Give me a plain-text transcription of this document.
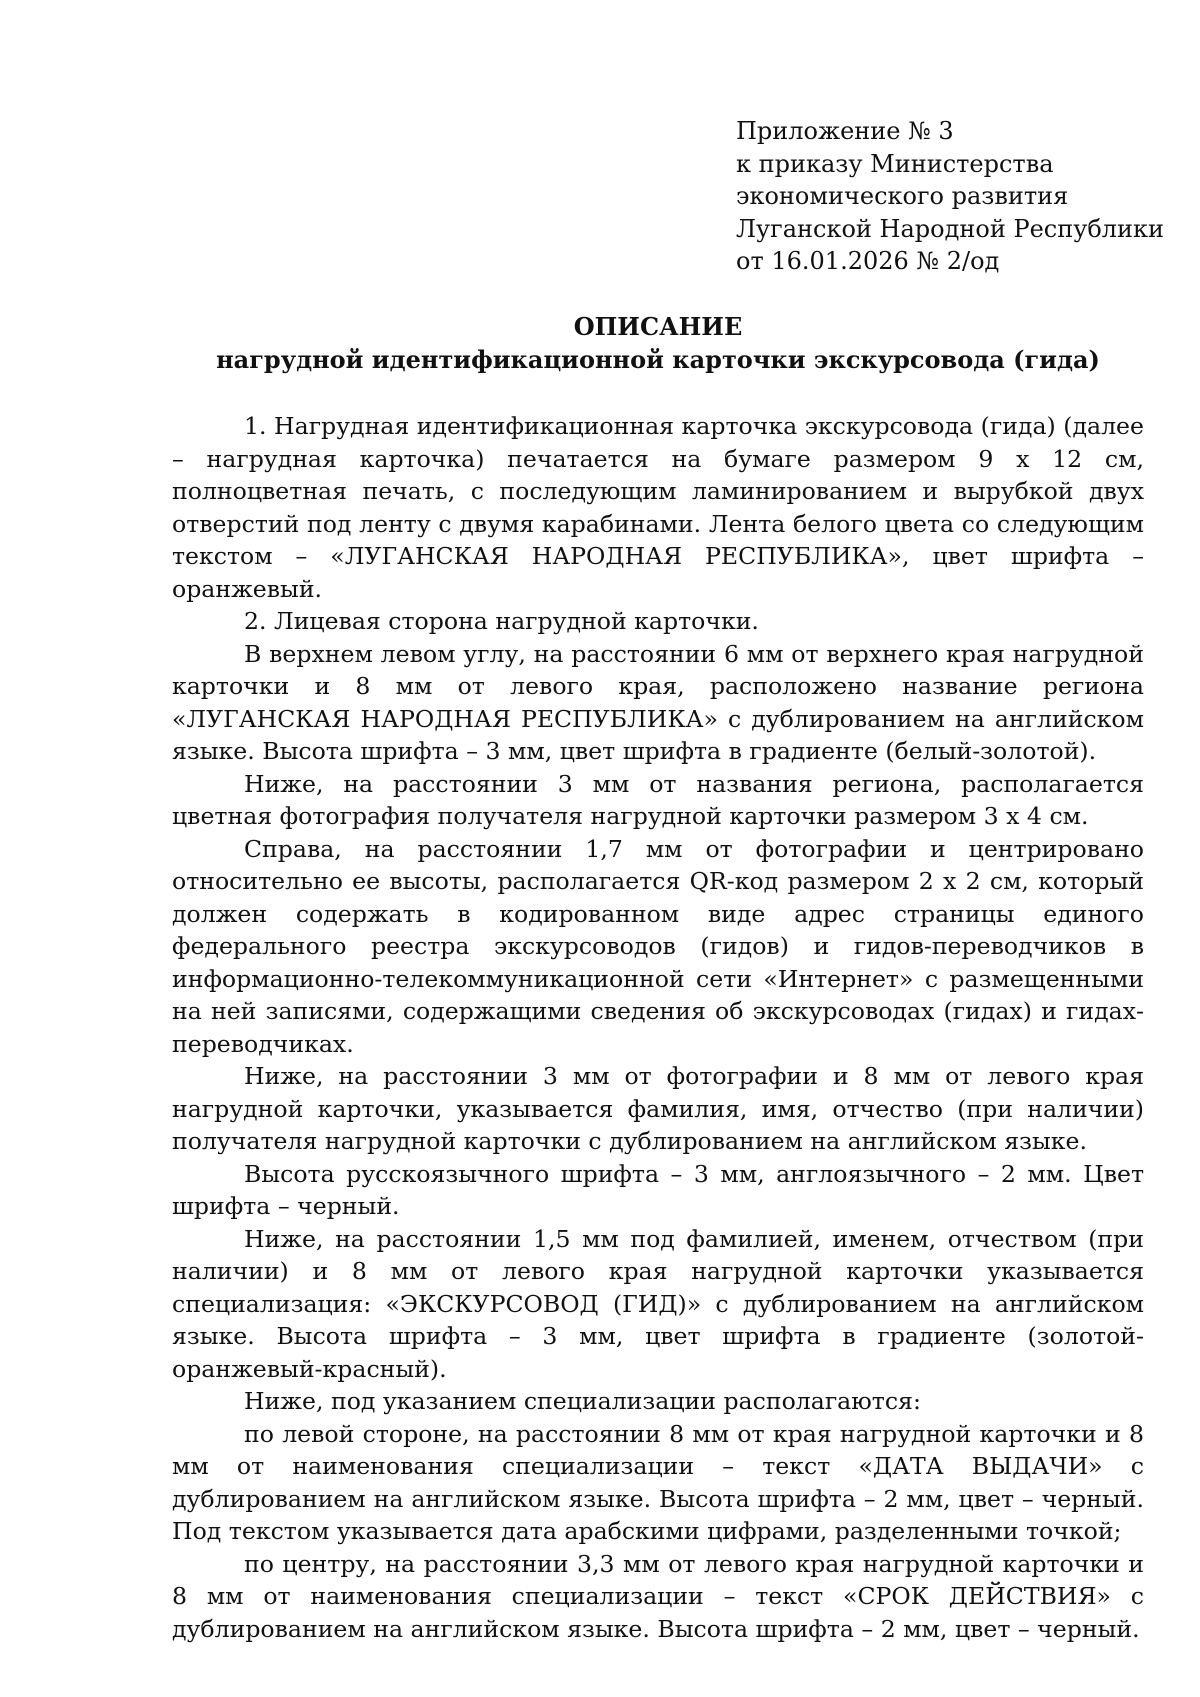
Приложение № 3
к приказу Министерства
экономического развития
Луганской Народной Республики
от 16.01.2026 № 2/од
ОПИСАНИЕ
нагрудной идентификационной карточки экскурсовода (гида)

1. Нагрудная идентификационная карточка экскурсовода (гида) (далее – нагрудная карточка) печатается на бумаге размером 9 х 12 см, полноцветная печать, с последующим ламинированием и вырубкой двух отверстий под ленту с двумя карабинами. Лента белого цвета со следующим текстом – «ЛУГАНСКАЯ НАРОДНАЯ РЕСПУБЛИКА», цвет шрифта – оранжевый.

2. Лицевая сторона нагрудной карточки.

В верхнем левом углу, на расстоянии 6 мм от верхнего края нагрудной карточки и 8 мм от левого края, расположено название региона «ЛУГАНСКАЯ НАРОДНАЯ РЕСПУБЛИКА» с дублированием на английском языке. Высота шрифта – 3 мм, цвет шрифта в градиенте (белый-золотой).

Ниже, на расстоянии 3 мм от названия региона, располагается цветная фотография получателя нагрудной карточки размером 3 х 4 см.

Справа, на расстоянии 1,7 мм от фотографии и центрировано относительно ее высоты, располагается QR-код размером 2 х 2 см, который должен содержать в кодированном виде адрес страницы единого федерального реестра экскурсоводов (гидов) и гидов-переводчиков в информационно-телекоммуникационной сети «Интернет» с размещенными на ней записями, содержащими сведения об экскурсоводах (гидах) и гидах-переводчиках.

Ниже, на расстоянии 3 мм от фотографии и 8 мм от левого края нагрудной карточки, указывается фамилия, имя, отчество (при наличии) получателя нагрудной карточки с дублированием на английском языке.

Высота русскоязычного шрифта – 3 мм, англоязычного – 2 мм. Цвет шрифта – черный.

Ниже, на расстоянии 1,5 мм под фамилией, именем, отчеством (при наличии) и 8 мм от левого края нагрудной карточки указывается специализация: «ЭКСКУРСОВОД (ГИД)» с дублированием на английском языке. Высота шрифта – 3 мм, цвет шрифта в градиенте (золотой-оранжевый-красный).

Ниже, под указанием специализации располагаются:

по левой стороне, на расстоянии 8 мм от края нагрудной карточки и 8 мм от наименования специализации – текст «ДАТА ВЫДАЧИ» с дублированием на английском языке. Высота шрифта – 2 мм, цвет – черный. Под текстом указывается дата арабскими цифрами, разделенными точкой;

по центру, на расстоянии 3,3 мм от левого края нагрудной карточки и 8 мм от наименования специализации – текст «СРОК ДЕЙСТВИЯ» с дублированием на английском языке. Высота шрифта – 2 мм, цвет – черный.
